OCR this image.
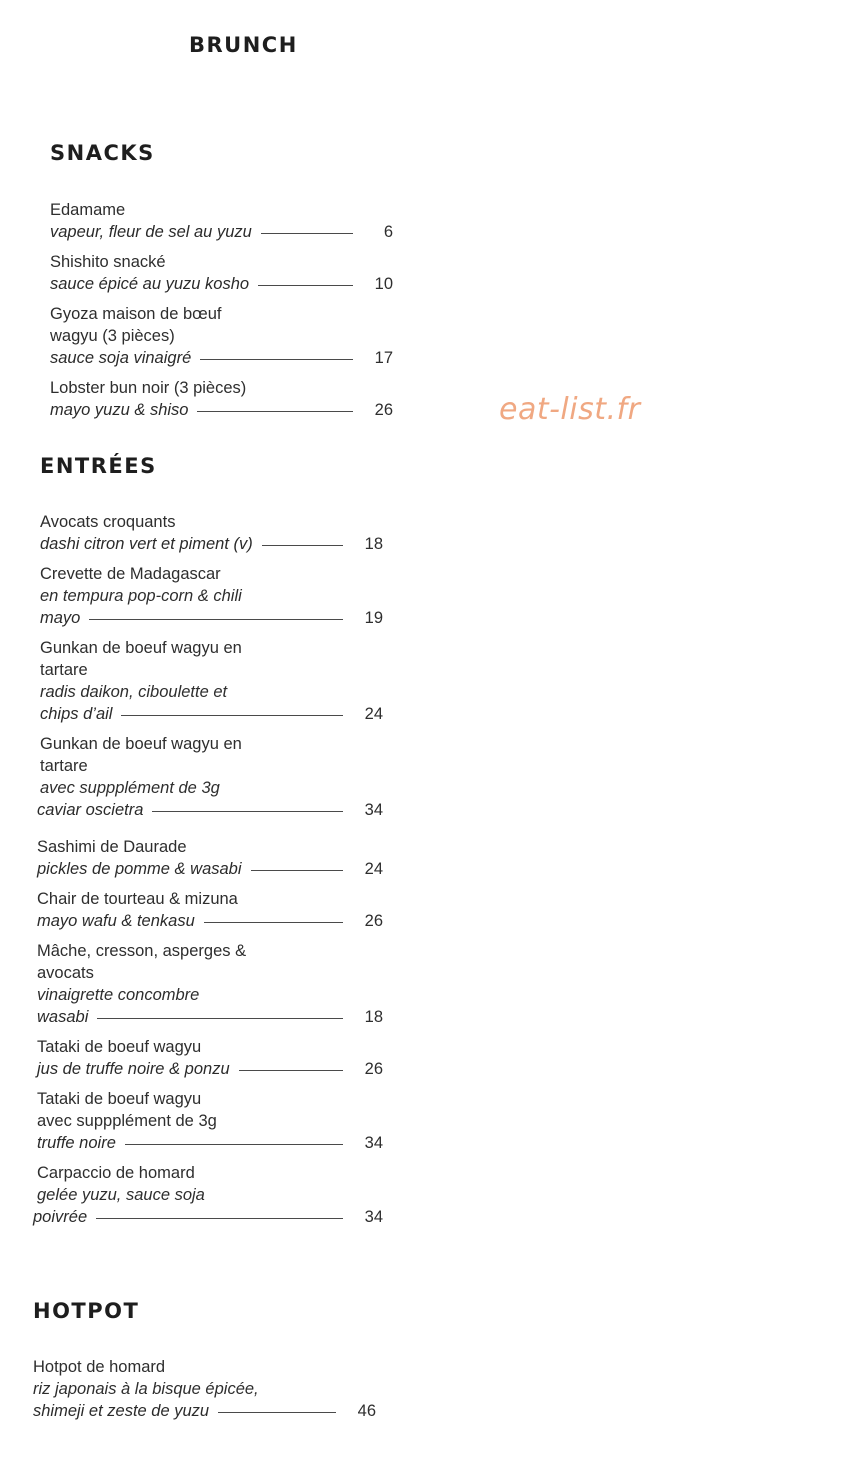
BRUNCH
eat-list.fr
SNACKS
Edamame
vapeur, fleur de sel au yuzu	6
Shishito snacké
sauce épicé au yuzu kosho	10
Gyoza maison de bœuf
wagyu (3 pièces)
sauce soja vinaigré	17
Lobster bun noir (3 pièces)
mayo yuzu & shiso	26
ENTRÉES
Avocats croquants
dashi citron vert et piment (v)	18
Crevette de Madagascar
en tempura pop-corn & chili
mayo	19
Gunkan de boeuf wagyu en
tartare
radis daikon, ciboulette et
chips d’ail	24
Gunkan de boeuf wagyu en
tartare
avec suppplément de 3g
caviar oscietra	34
Sashimi de Daurade
pickles de pomme & wasabi	24
Chair de tourteau & mizuna
mayo wafu & tenkasu	26
Mâche, cresson, asperges &
avocats
vinaigrette concombre
wasabi	18
Tataki de boeuf wagyu
jus de truffe noire & ponzu	26
Tataki de boeuf wagyu
avec suppplément de 3g
truffe noire	34
Carpaccio de homard
gelée yuzu, sauce soja
poivrée	34
HOTPOT
Hotpot de homard
riz japonais à la bisque épicée,
shimeji et zeste de yuzu	46
